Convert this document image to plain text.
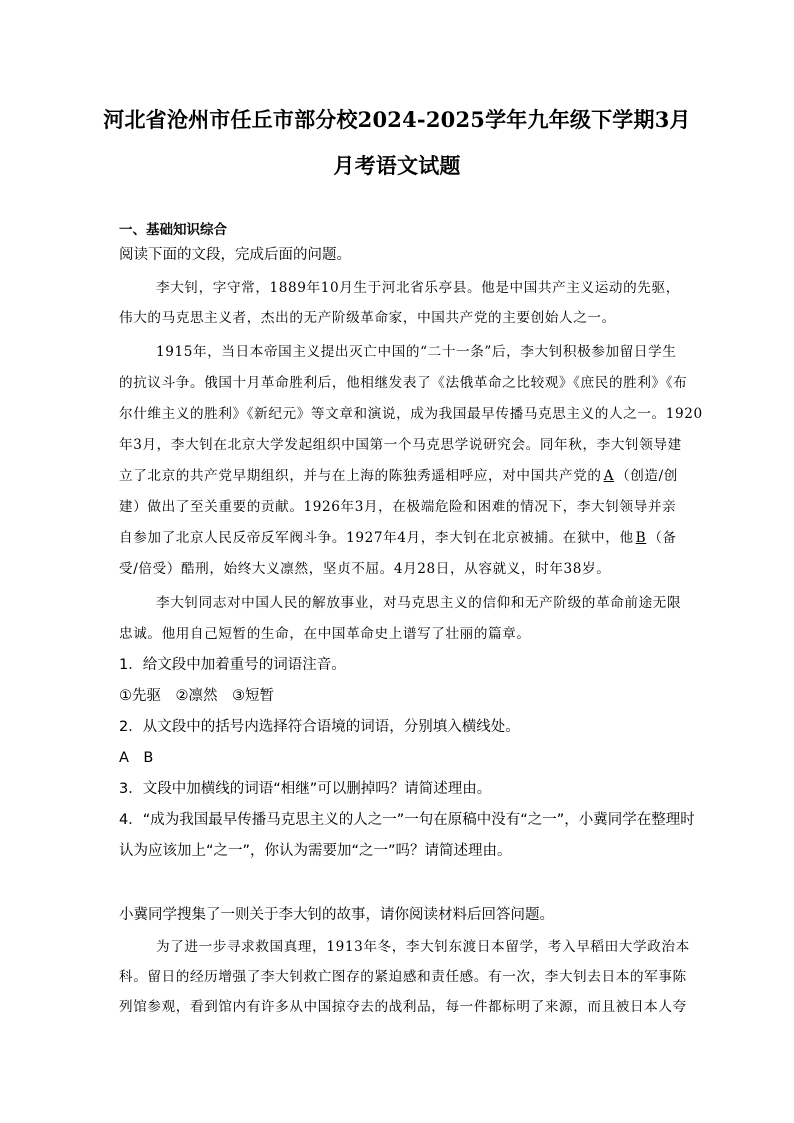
河北省沧州市任丘市部分校2024-2025学年九年级下学期3月
月考语文试题
一、基础知识综合
阅读下面的文段，完成后面的问题。
李大钊，字守常，1889年10月生于河北省乐亭县。他是中国共产主义运动的先驱，
伟大的马克思主义者，杰出的无产阶级革命家，中国共产党的主要创始人之一。
1915年，当日本帝国主义提出灭亡中国的“二十一条”后，李大钊积极参加留日学生
的抗议斗争。俄国十月革命胜利后，他相继发表了《法俄革命之比较观》《庶民的胜利》《布
尔什维主义的胜利》《新纪元》等文章和演说，成为我国最早传播马克思主义的人之一。1920
年3月，李大钊在北京大学发起组织中国第一个马克思学说研究会。同年秋，李大钊领导建
立了北京的共产党早期组织，并与在上海的陈独秀遥相呼应，对中国共产党的 A （创造/创
建）做出了至关重要的贡献。1926年3月，在极端危险和困难的情况下，李大钊领导并亲
自参加了北京人民反帝反军阀斗争。1927年4月，李大钊在北京被捕。在狱中，他 B （备
受/倍受）酷刑，始终大义凛然，坚贞不屈。4月28日，从容就义，时年38岁。
李大钊同志对中国人民的解放事业，对马克思主义的信仰和无产阶级的革命前途无限
忠诚。他用自己短暂的生命，在中国革命史上谱写了壮丽的篇章。
1．给文段中加着重号的词语注音。
①先驱　②凛然　③短暂
2．从文段中的括号内选择符合语境的词语，分别填入横线处。
A　B
3．文段中加横线的词语“相继”可以删掉吗？请简述理由。
4．“成为我国最早传播马克思主义的人之一”一句在原稿中没有“之一”，小冀同学在整理时
认为应该加上“之一”，你认为需要加“之一”吗？请简述理由。
小冀同学搜集了一则关于李大钊的故事，请你阅读材料后回答问题。
为了进一步寻求救国真理，1913年冬，李大钊东渡日本留学，考入早稻田大学政治本
科。留日的经历增强了李大钊救亡图存的紧迫感和责任感。有一次，李大钊去日本的军事陈
列馆参观，看到馆内有许多从中国掠夺去的战利品，每一件都标明了来源，而且被日本人夸
